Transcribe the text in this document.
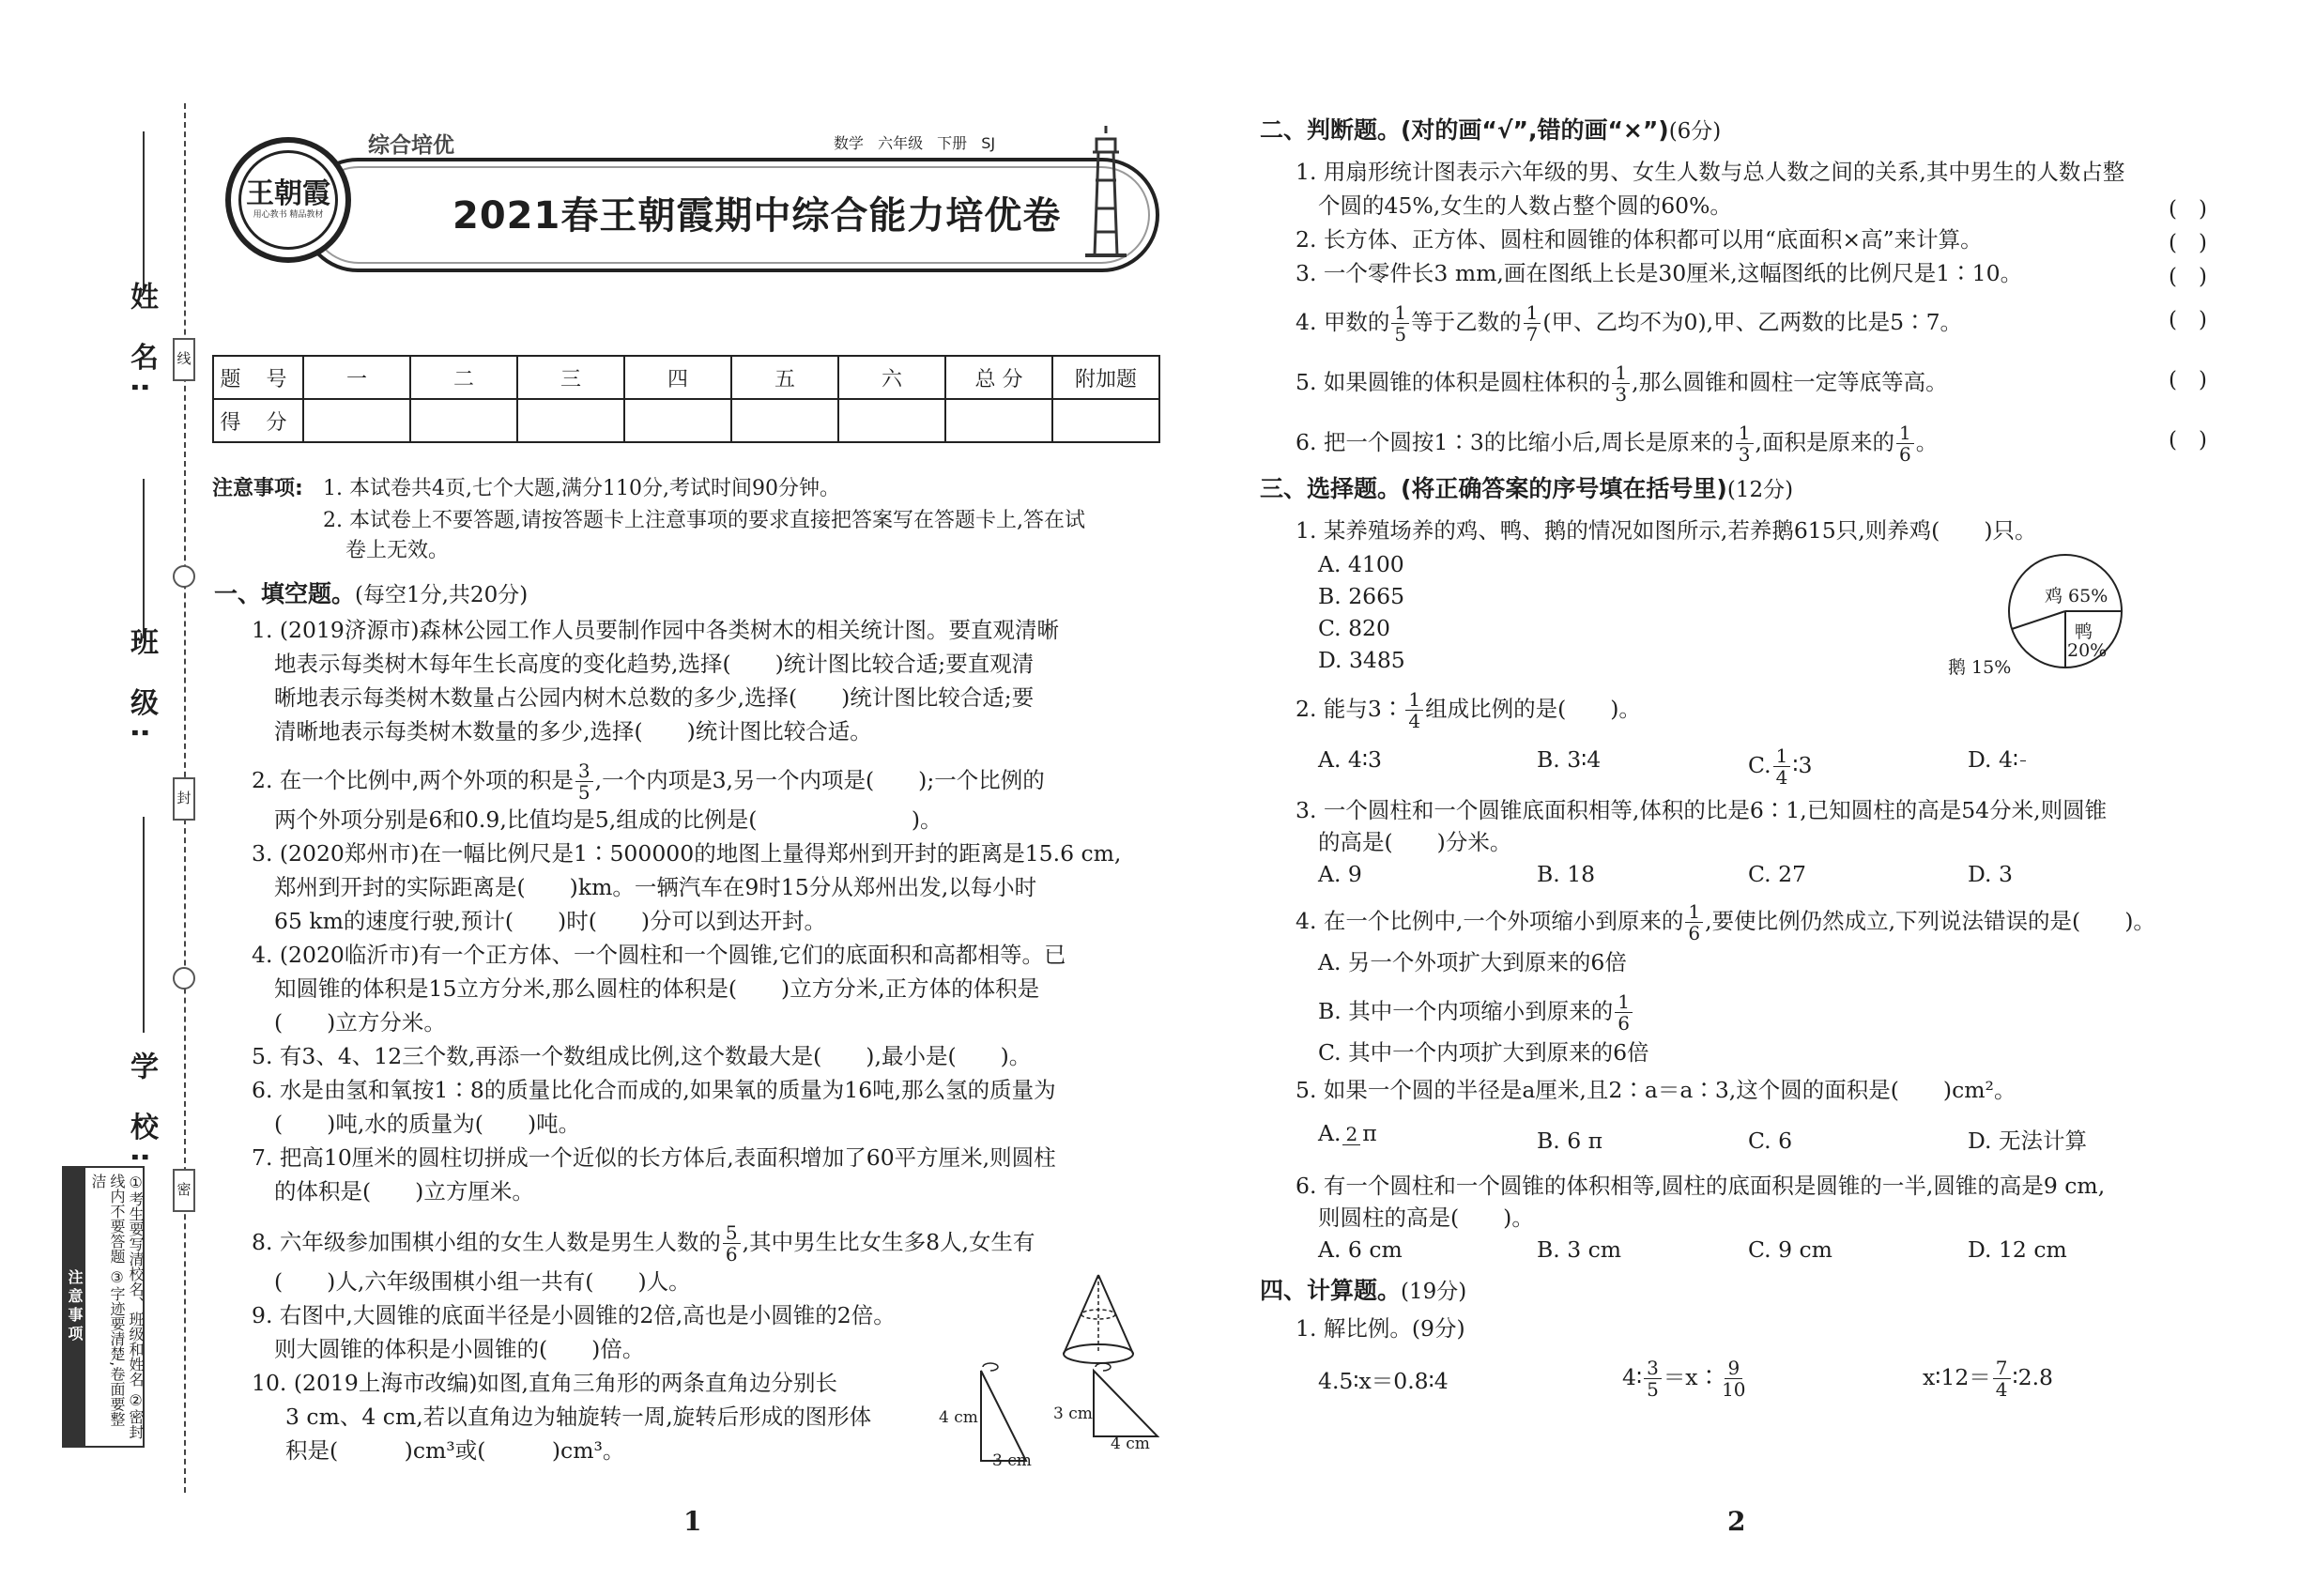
姓 名:
班 级:
学 校:
线
封
密
注意事项	①考生要写清校名、班级和姓名 ②密封线内不要答题 ③字迹要清楚,卷面要整洁
综合培优	数学 六年级 下册 SJ
王朝霞
用心教书 精品教材	2021春王朝霞期中综合能力培优卷
题 号	一	二	三	四	五	六	总 分	附加题
得 分								
注意事项: 1. 本试卷共4页,七个大题,满分110分,考试时间90分钟。
2. 本试卷上不要答题,请按答题卡上注意事项的要求直接把答案写在答题卡上,答在试
卷上无效。
一、填空题。(每空1分,共20分)
1. (2019济源市)森林公园工作人员要制作园中各类树木的相关统计图。要直观清晰
地表示每类树木每年生长高度的变化趋势,选择(　　)统计图比较合适;要直观清
晰地表示每类树木数量占公园内树木总数的多少,选择(　　)统计图比较合适;要
清晰地表示每类树木数量的多少,选择(　　)统计图比较合适。
2. 在一个比例中,两个外项的积是 $\frac{3}{5}$ ,一个内项是3,另一个内项是(　　);一个比例的
两个外项分别是6和0.9,比值均是5,组成的比例是(　　　　　　　)。
3. (2020郑州市)在一幅比例尺是1∶500000的地图上量得郑州到开封的距离是15.6 cm,
郑州到开封的实际距离是(　　)km。一辆汽车在9时15分从郑州出发,以每小时
65 km的速度行驶,预计(　　)时(　　)分可以到达开封。
4. (2020临沂市)有一个正方体、一个圆柱和一个圆锥,它们的底面积和高都相等。已
知圆锥的体积是15立方分米,那么圆柱的体积是(　　)立方分米,正方体的体积是
(　　)立方分米。
5. 有3、4、12三个数,再添一个数组成比例,这个数最大是(　　),最小是(　　)。
6. 水是由氢和氧按1∶8的质量比化合而成的,如果氧的质量为16吨,那么氢的质量为
(　　)吨,水的质量为(　　)吨。
7. 把高10厘米的圆柱切拼成一个近似的长方体后,表面积增加了60平方厘米,则圆柱
的体积是(　　)立方厘米。
8. 六年级参加围棋小组的女生人数是男生人数的 $\frac{5}{6}$ ,其中男生比女生多8人,女生有
(　　)人,六年级围棋小组一共有(　　)人。
9. 右图中,大圆锥的底面半径是小圆锥的2倍,高也是小圆锥的2倍。
则大圆锥的体积是小圆锥的(　　)倍。
10. (2019上海市改编)如图,直角三角形的两条直角边分别长
3 cm、4 cm,若以直角边为轴旋转一周,旋转后形成的图形体
积是(　　　)cm³或(　　　)cm³。
4 cm
3 cm
3 cm
4 cm
1
二、判断题。(对的画“√”,错的画“×”)(6分)
1. 用扇形统计图表示六年级的男、女生人数与总人数之间的关系,其中男生的人数占整
个圆的45%,女生的人数占整个圆的60%。
2. 长方体、正方体、圆柱和圆锥的体积都可以用“底面积×高”来计算。
3. 一个零件长3 mm,画在图纸上长是30厘米,这幅图纸的比例尺是1∶10。
4. 甲数的 $\frac{1}{5}$ 等于乙数的 $\frac{1}{7}$ (甲、乙均不为0),甲、乙两数的比是5∶7。
5. 如果圆锥的体积是圆柱体积的 $\frac{1}{3}$ ,那么圆锥和圆柱一定等底等高。
6. 把一个圆按1∶3的比缩小后,周长是原来的 $\frac{1}{3}$ ,面积是原来的 $\frac{1}{6}$ 。
(　)
(　)
(　)
(　)
(　)
(　)
三、选择题。(将正确答案的序号填在括号里)(12分)
1. 某养殖场养的鸡、鸭、鹅的情况如图所示,若养鹅615只,则养鸡(　　)只。
A. 4100
B. 2665
C. 820
D. 3485
鸡 65%
鸭
20%
鹅 15%
2. 能与3∶ $\frac{1}{4}$ 组成比例的是(　　)。
A. 4∶3	B. 3∶4	C. $\frac{1}{4}$ ∶3	D. 4∶
3. 一个圆柱和一个圆锥底面积相等,体积的比是6∶1,已知圆柱的高是54分米,则圆锥
的高是(　　)分米。
A. 9	B. 18	C. 27	D. 3
4. 在一个比例中,一个外项缩小到原来的 $\frac{1}{6}$ ,要使比例仍然成立,下列说法错误的是(　　)。
A. 另一个外项扩大到原来的6倍
B. 其中一个内项缩小到原来的 $\frac{1}{6}$
C. 其中一个内项扩大到原来的6倍
5. 如果一个圆的半径是a厘米,且2∶a＝a∶3,这个圆的面积是(　　)cm²。
A. 2 π	B. 6 π	C. 6	D. 无法计算
6. 有一个圆柱和一个圆锥的体积相等,圆柱的底面积是圆锥的一半,圆锥的高是9 cm,
则圆柱的高是(　　)。
A. 6 cm	B. 3 cm	C. 9 cm	D. 12 cm
四、计算题。(19分)
1. 解比例。(9分)
4.5∶x＝0.8∶4	4∶ $\frac{3}{5}$ ＝x∶ $\frac{9}{10}$	x∶12＝ $\frac{7}{4}$ ∶2.8
2
